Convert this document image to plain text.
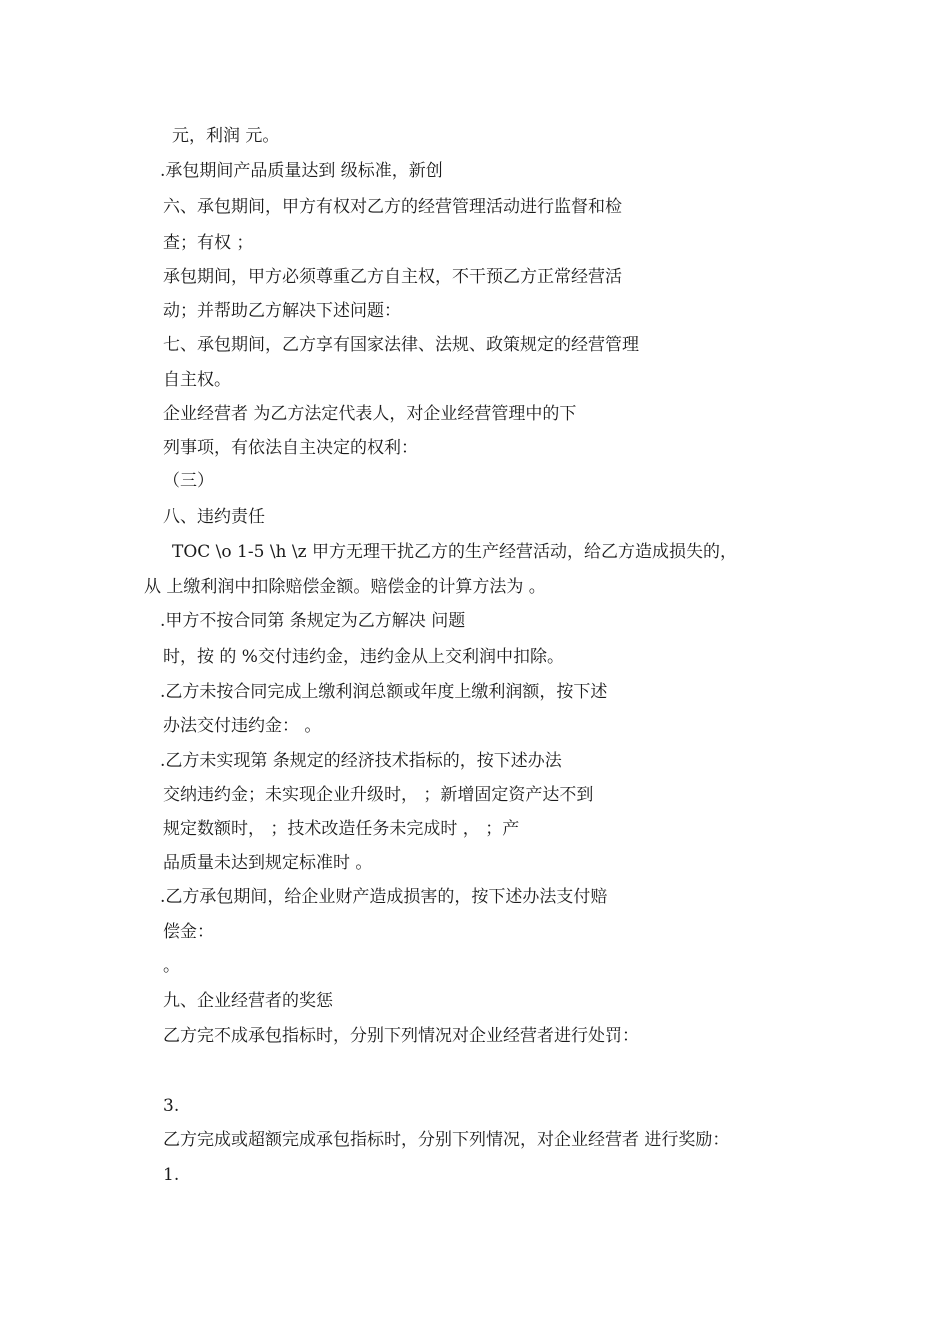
元，利润 元。
.承包期间产品质量达到 级标准，新创
六、承包期间，甲方有权对乙方的经营管理活动进行监督和检
查；有权 ；
承包期间，甲方必须尊重乙方自主权，不干预乙方正常经营活
动；并帮助乙方解决下述问题：
七、承包期间，乙方享有国家法律、法规、政策规定的经营管理
自主权。
企业经营者 为乙方法定代表人，对企业经营管理中的下
列事项，有依法自主决定的权利：
（三）
八、违约责任
TOC \o 1-5 \h \z 甲方无理干扰乙方的生产经营活动，给乙方造成损失的，
从 上缴利润中扣除赔偿金额。赔偿金的计算方法为 。
.甲方不按合同第 条规定为乙方解决 问题
时，按 的 %交付违约金，违约金从上交利润中扣除。
.乙方未按合同完成上缴利润总额或年度上缴利润额，按下述
办法交付违约金： 。
.乙方未实现第 条规定的经济技术指标的，按下述办法
交纳违约金；未实现企业升级时， ；新增固定资产达不到
规定数额时， ；技术改造任务未完成时 ， ；产
品质量未达到规定标准时 。
.乙方承包期间，给企业财产造成损害的，按下述办法支付赔
偿金：
。
九、企业经营者的奖惩
乙方完不成承包指标时，分别下列情况对企业经营者进行处罚：
3.
乙方完成或超额完成承包指标时，分别下列情况，对企业经营者 进行奖励：
1.
